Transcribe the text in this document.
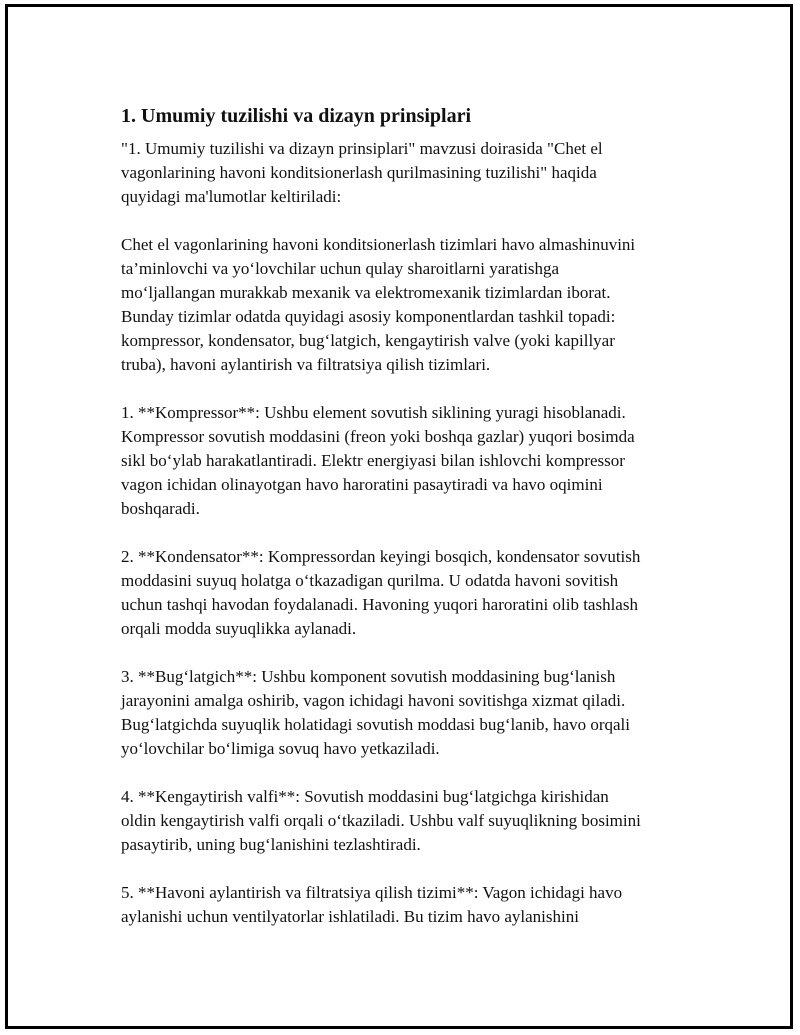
1. Umumiy tuzilishi va dizayn prinsiplari

"1. Umumiy tuzilishi va dizayn prinsiplari" mavzusi doirasida "Chet el
vagonlarining havoni konditsionerlash qurilmasining tuzilishi" haqida
quyidagi ma'lumotlar keltiriladi:

Chet el vagonlarining havoni konditsionerlash tizimlari havo almashinuvini
ta’minlovchi va yo‘lovchilar uchun qulay sharoitlarni yaratishga
mo‘ljallangan murakkab mexanik va elektromexanik tizimlardan iborat.
Bunday tizimlar odatda quyidagi asosiy komponentlardan tashkil topadi:
kompressor, kondensator, bug‘latgich, kengaytirish valve (yoki kapillyar
truba), havoni aylantirish va filtratsiya qilish tizimlari.

1. **Kompressor**: Ushbu element sovutish siklining yuragi hisoblanadi.
Kompressor sovutish moddasini (freon yoki boshqa gazlar) yuqori bosimda
sikl bo‘ylab harakatlantiradi. Elektr energiyasi bilan ishlovchi kompressor
vagon ichidan olinayotgan havo haroratini pasaytiradi va havo oqimini
boshqaradi.

2. **Kondensator**: Kompressordan keyingi bosqich, kondensator sovutish
moddasini suyuq holatga o‘tkazadigan qurilma. U odatda havoni sovitish
uchun tashqi havodan foydalanadi. Havoning yuqori haroratini olib tashlash
orqali modda suyuqlikka aylanadi.

3. **Bug‘latgich**: Ushbu komponent sovutish moddasining bug‘lanish
jarayonini amalga oshirib, vagon ichidagi havoni sovitishga xizmat qiladi.
Bug‘latgichda suyuqlik holatidagi sovutish moddasi bug‘lanib, havo orqali
yo‘lovchilar bo‘limiga sovuq havo yetkaziladi.

4. **Kengaytirish valfi**: Sovutish moddasini bug‘latgichga kirishidan
oldin kengaytirish valfi orqali o‘tkaziladi. Ushbu valf suyuqlikning bosimini
pasaytirib, uning bug‘lanishini tezlashtiradi.

5. **Havoni aylantirish va filtratsiya qilish tizimi**: Vagon ichidagi havo
aylanishi uchun ventilyatorlar ishlatiladi. Bu tizim havo aylanishini
